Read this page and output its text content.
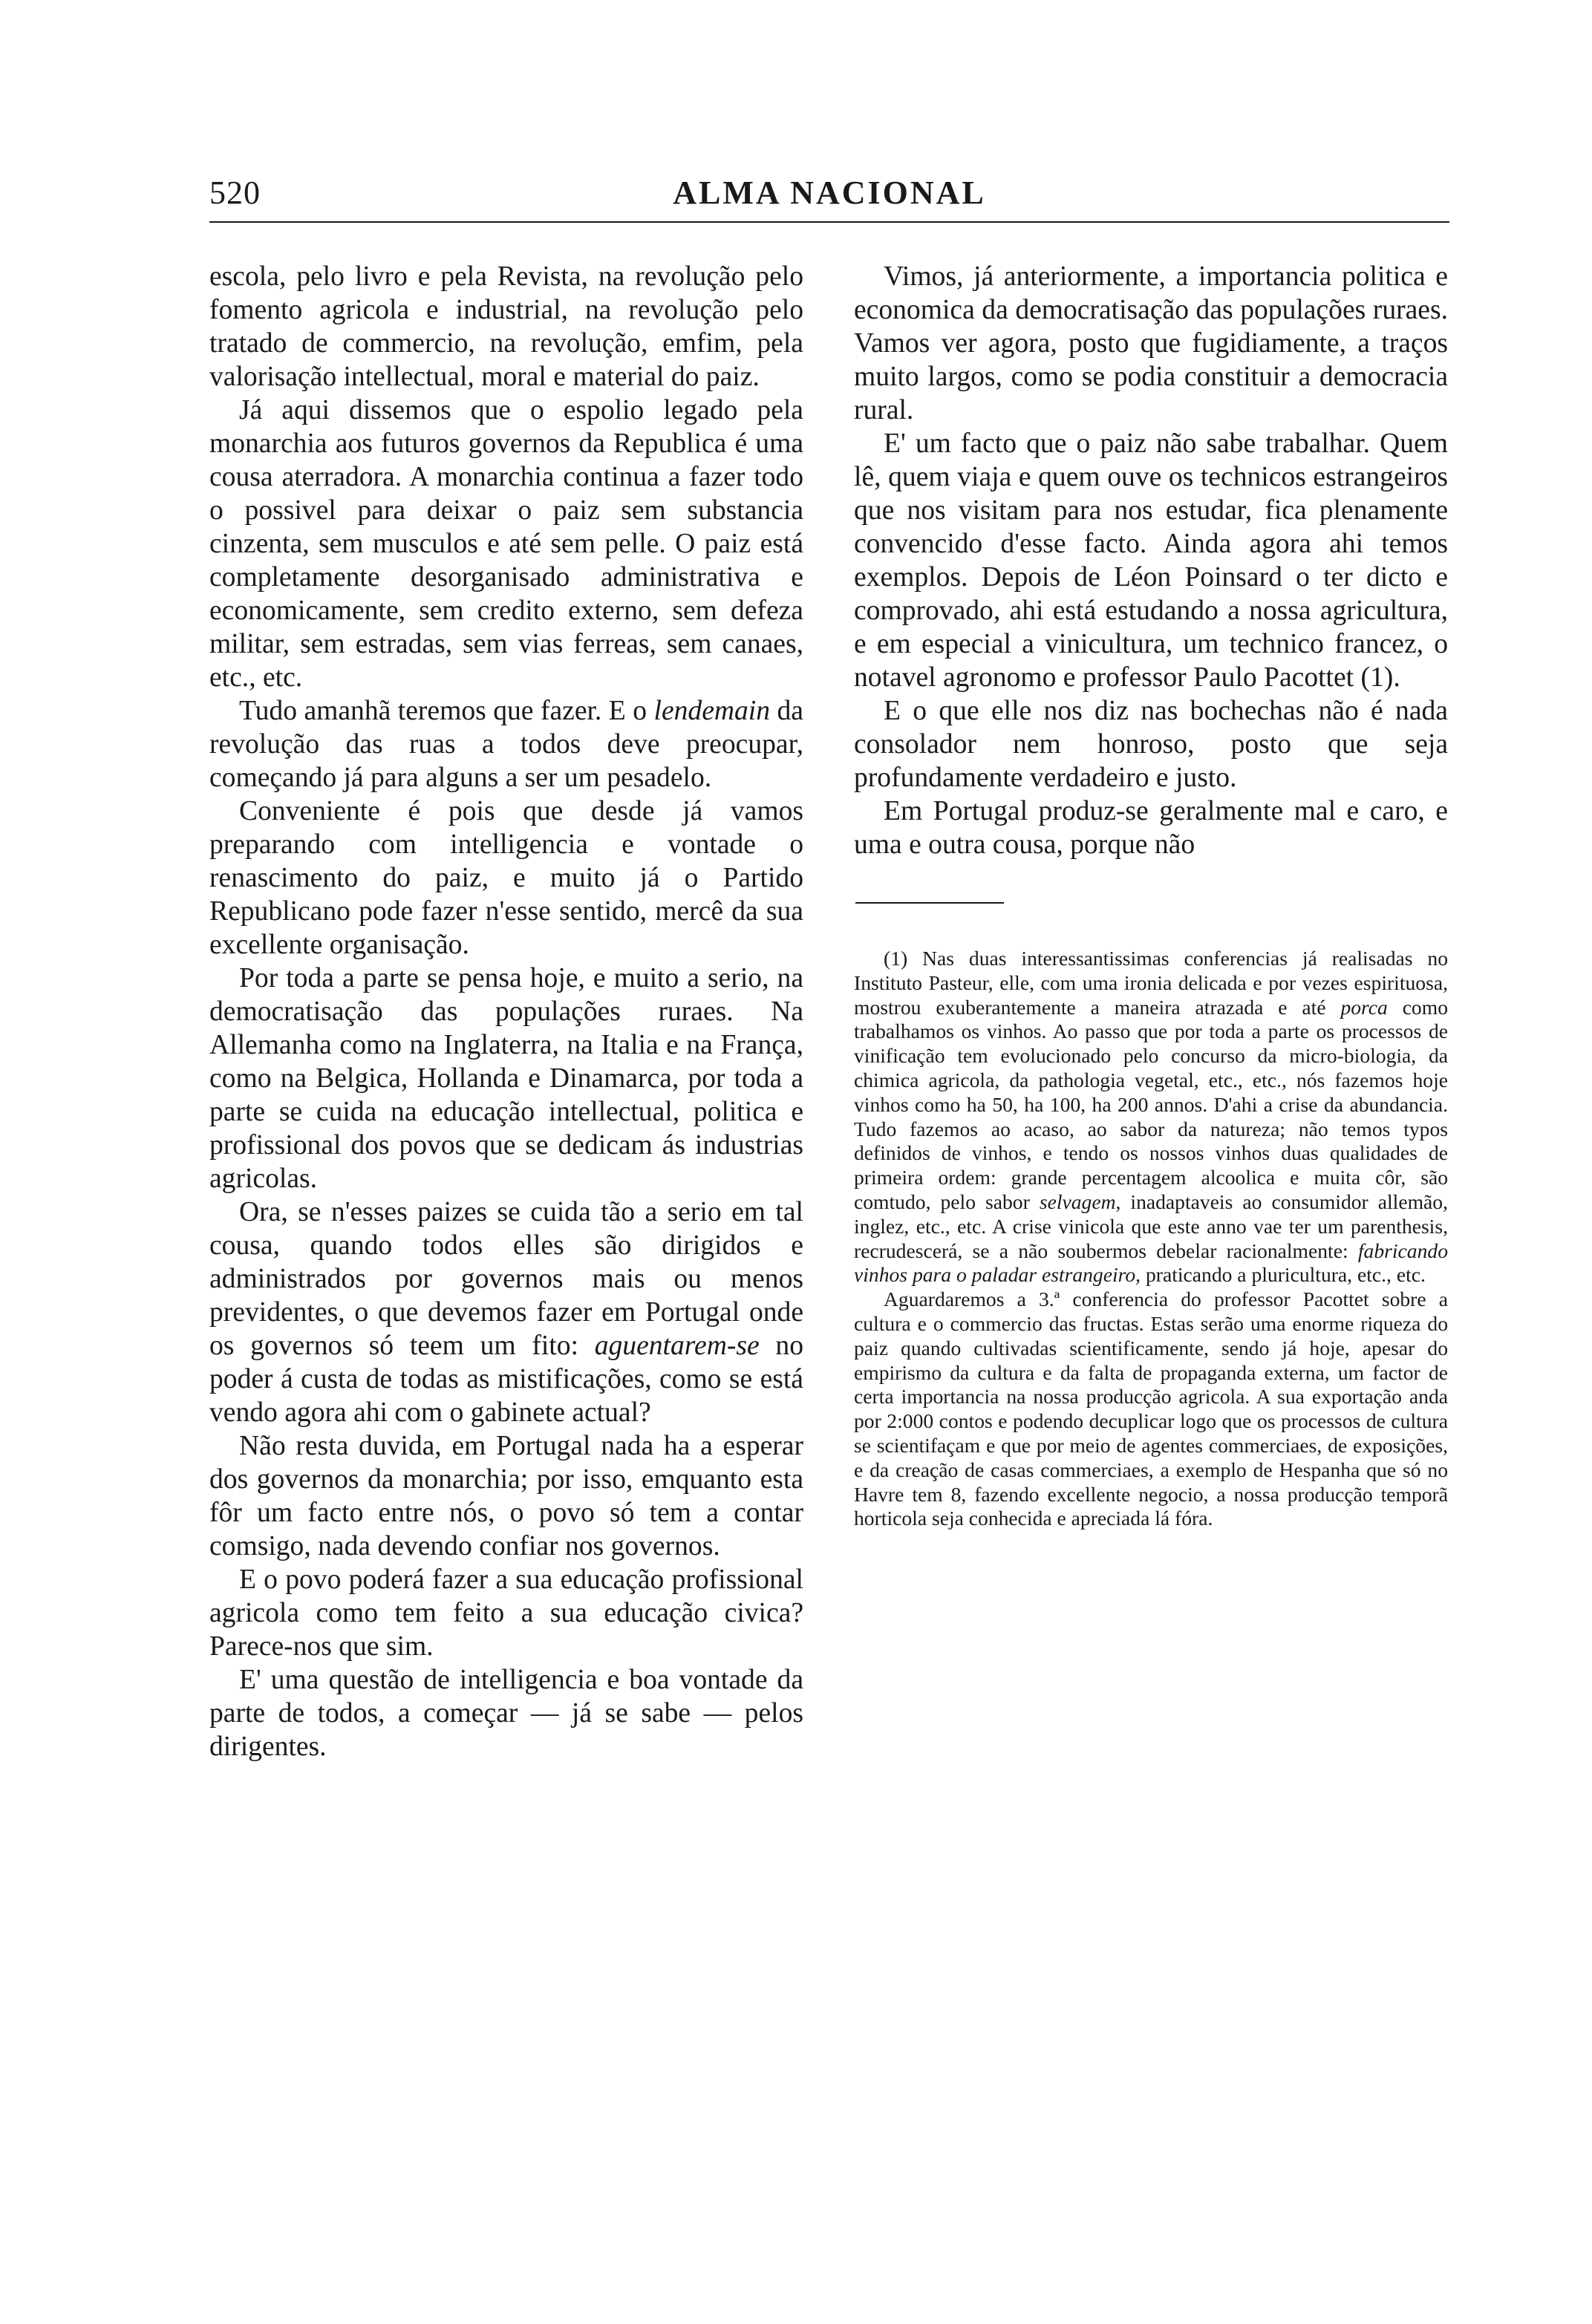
520	ALMA NACIONAL

escola, pelo livro e pela Revista, na revolução pelo fomento agricola e industrial, na revolução pelo tratado de commercio, na revolução, emfim, pela valorisação intellectual, moral e material do paiz.

Já aqui dissemos que o espolio legado pela monarchia aos futuros governos da Republica é uma cousa aterradora. A monarchia continua a fazer todo o possivel para deixar o paiz sem substancia cinzenta, sem musculos e até sem pelle. O paiz está completamente desorganisado administrativa e economicamente, sem credito externo, sem defeza militar, sem estradas, sem vias ferreas, sem canaes, etc., etc.

Tudo amanhã teremos que fazer. E o lendemain da revolução das ruas a todos deve preocupar, começando já para alguns a ser um pesadelo.

Conveniente é pois que desde já vamos preparando com intelligencia e vontade o renascimento do paiz, e muito já o Partido Republicano pode fazer n'esse sentido, mercê da sua excellente organisação.

Por toda a parte se pensa hoje, e muito a serio, na democratisação das populações ruraes. Na Allemanha como na Inglaterra, na Italia e na França, como na Belgica, Hollanda e Dinamarca, por toda a parte se cuida na educação intellectual, politica e profissional dos povos que se dedicam ás industrias agricolas.

Ora, se n'esses paizes se cuida tão a serio em tal cousa, quando todos elles são dirigidos e administrados por governos mais ou menos previdentes, o que devemos fazer em Portugal onde os governos só teem um fito: aguentarem-se no poder á custa de todas as mistificações, como se está vendo agora ahi com o gabinete actual?

Não resta duvida, em Portugal nada ha a esperar dos governos da monarchia; por isso, emquanto esta fôr um facto entre nós, o povo só tem a contar comsigo, nada devendo confiar nos governos.

E o povo poderá fazer a sua educação profissional agricola como tem feito a sua educação civica? Parece-nos que sim.

E' uma questão de intelligencia e boa vontade da parte de todos, a começar — já se sabe — pelos dirigentes.

Vimos, já anteriormente, a importancia politica e economica da democratisação das populações ruraes. Vamos ver agora, posto que fugidiamente, a traços muito largos, como se podia constituir a democracia rural.

E' um facto que o paiz não sabe trabalhar. Quem lê, quem viaja e quem ouve os technicos estrangeiros que nos visitam para nos estudar, fica plenamente convencido d'esse facto. Ainda agora ahi temos exemplos. Depois de Léon Poinsard o ter dicto e comprovado, ahi está estudando a nossa agricultura, e em especial a vinicultura, um technico francez, o notavel agronomo e professor Paulo Pacottet (1).

E o que elle nos diz nas bochechas não é nada consolador nem honroso, posto que seja profundamente verdadeiro e justo.

Em Portugal produz-se geralmente mal e caro, e uma e outra cousa, porque não

(1) Nas duas interessantissimas conferencias já realisadas no Instituto Pasteur, elle, com uma ironia delicada e por vezes espirituosa, mostrou exuberantemente a maneira atrazada e até porca como trabalhamos os vinhos. Ao passo que por toda a parte os processos de vinificação tem evolucionado pelo concurso da micro-biologia, da chimica agricola, da pathologia vegetal, etc., etc., nós fazemos hoje vinhos como ha 50, ha 100, ha 200 annos. D'ahi a crise da abundancia. Tudo fazemos ao acaso, ao sabor da natureza; não temos typos definidos de vinhos, e tendo os nossos vinhos duas qualidades de primeira ordem: grande percentagem alcoolica e muita côr, são comtudo, pelo sabor selvagem, inadaptaveis ao consumidor allemão, inglez, etc., etc. A crise vinicola que este anno vae ter um parenthesis, recrudescerá, se a não soubermos debelar racionalmente: fabricando vinhos para o paladar estrangeiro, praticando a pluricultura, etc., etc.

Aguardaremos a 3.ª conferencia do professor Pacottet sobre a cultura e o commercio das fructas. Estas serão uma enorme riqueza do paiz quando cultivadas scientificamente, sendo já hoje, apesar do empirismo da cultura e da falta de propaganda externa, um factor de certa importancia na nossa producção agricola. A sua exportação anda por 2:000 contos e podendo decuplicar logo que os processos de cultura se scientifaçam e que por meio de agentes commerciaes, de exposições, e da creação de casas commerciaes, a exemplo de Hespanha que só no Havre tem 8, fazendo excellente negocio, a nossa producção temporã horticola seja conhecida e apreciada lá fóra.
